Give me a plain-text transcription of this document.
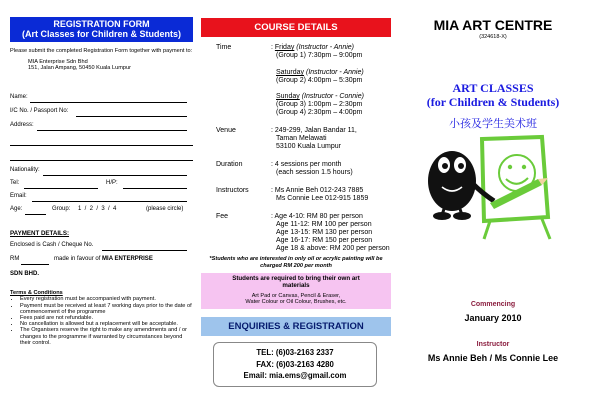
REGISTRATION FORM
(Art Classes for Children & Students)
Please submit the completed Registration Form together with payment to:
MIA Enterprise Sdn Bhd
151, Jalan Ampang, 50450 Kuala Lumpur
Name:
I/C No. / Passport No:
Address:
Nationality:
Tel:	H/P:
Email:
Age:	Group: 1  /  2  /  3  /  4	(please circle)
PAYMENT DETAILS:
Enclosed is Cash / Cheque No.
RM	made in favour of MIA ENTERPRISE
SDN BHD.
Terms & Conditions
• Every registration must be accompanied with payment.
• Payment must be received at least 7 working days prior to the date of commencement of the programme
• Fees paid are not refundable.
• No cancellation is allowed but a replacement will be acceptable.
• The Organisers reserve the right to make any amendments and / or changes to the programme if warranted by circumstances beyond their control.
COURSE DETAILS
Time	: Friday (Instructor - Annie)
(Group 1) 7:30pm – 9:00pm
Saturday (Instructor - Annie)
(Group 2) 4:00pm – 5:30pm
Sunday (Instructor - Connie)
(Group 3) 1:00pm – 2:30pm
(Group 4) 2:30pm – 4:00pm
Venue	: 249-299, Jalan Bandar 11,
Taman Melawati
53100 Kuala Lumpur
Duration	: 4 sessions per month
(each session 1.5 hours)
Instructors	: Ms Annie Beh 012-243 7885
Ms Connie Lee 012-915 1859
Fee	: Age 4-10: RM 80 per person
Age 11-12: RM 100 per person
Age 13-15: RM 130 per person
Age 16-17: RM 150 per person
Age 18 & above: RM 200 per person
*Students who are interested in only oil or acrylic painting will be charged RM 200 per month
Students are required to bring their own art materials
Art Pad or Canvas, Pencil & Eraser,
Water Colour or Oil Colour, Brushes, etc.
ENQUIRIES & REGISTRATION
TEL: (6)03-2163 2337
FAX: (6)03-2163 4280
Email: mia.ems@gmail.com
MIA ART CENTRE
(324618-X)
ART CLASSES
(for Children & Students)
小孩及学生美术班
Commencing
January 2010
Instructor
Ms Annie Beh / Ms Connie Lee
